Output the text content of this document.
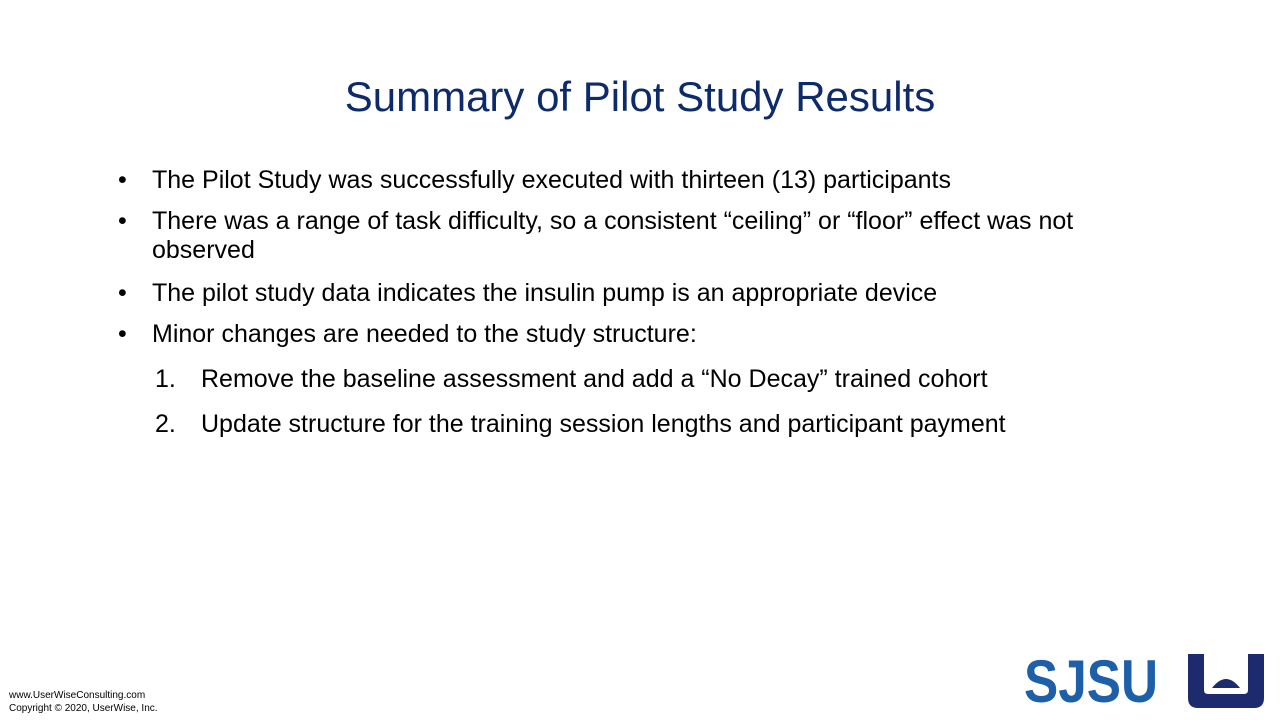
Summary of Pilot Study Results
•	The Pilot Study was successfully executed with thirteen (13) participants
•	There was a range of task difficulty, so a consistent “ceiling” or “floor” effect was not observed
•	The pilot study data indicates the insulin pump is an appropriate device
•	Minor changes are needed to the study structure:
1.	Remove the baseline assessment and add a “No Decay” trained cohort
2.	Update structure for the training session lengths and participant payment
www.UserWiseConsulting.com
Copyright © 2020, UserWise, Inc.	SJSU
